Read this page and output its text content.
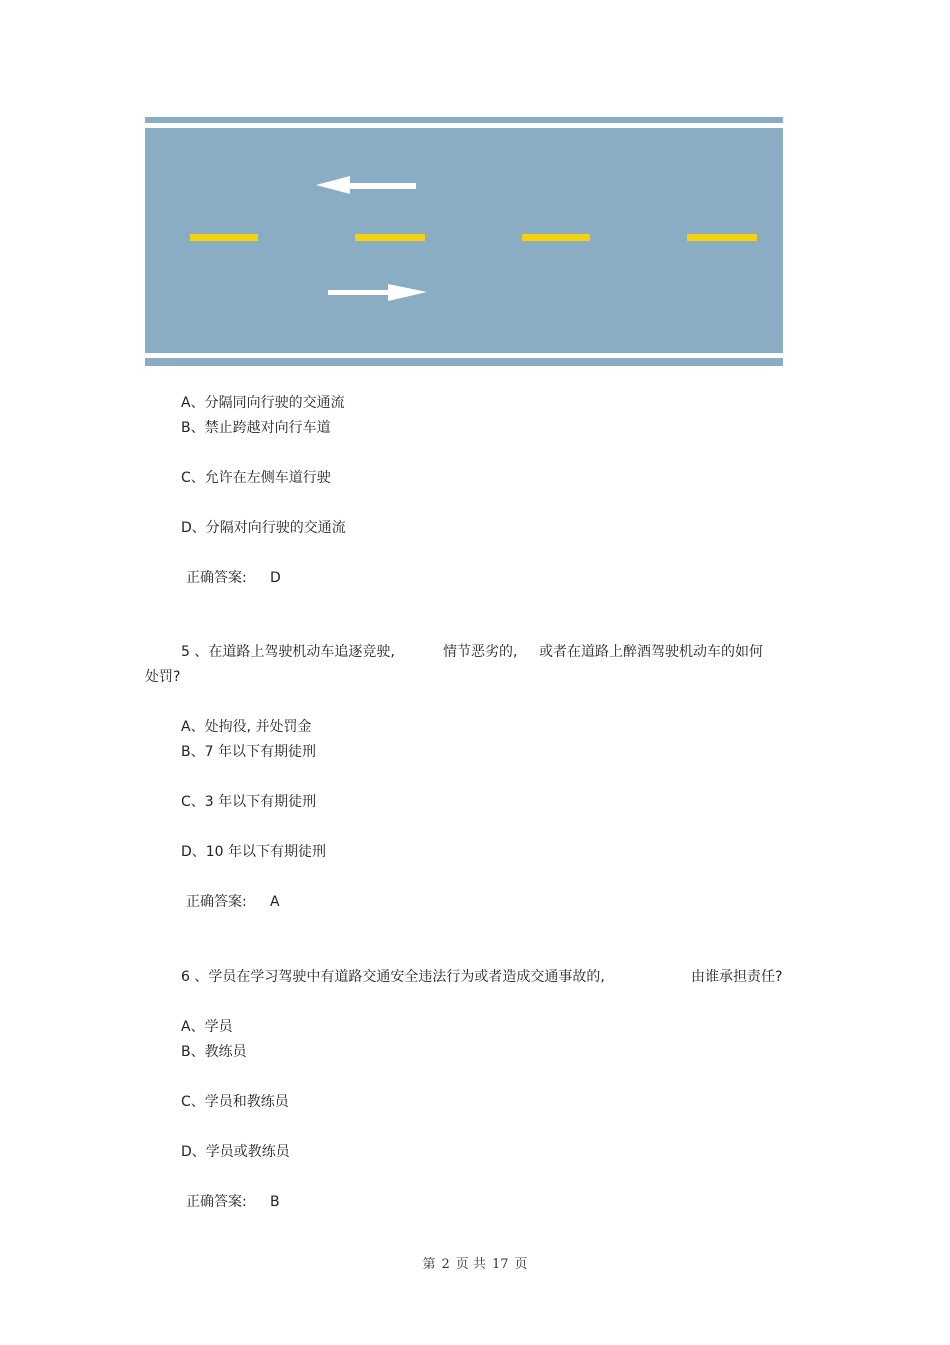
A、分隔同向行驶的交通流
B、禁止跨越对向行车道
C、允许在左侧车道行驶
D、分隔对向行驶的交通流
正确答案: D
5 、在道路上驾驶机动车追逐竞驶,	情节恶劣的, 或者在道路上醉酒驾驶机动车的如何
处罚?
A、处拘役, 并处罚金
B、7 年以下有期徒刑
C、3 年以下有期徒刑
D、10 年以下有期徒刑
正确答案: A
6 、学员在学习驾驶中有道路交通安全违法行为或者造成交通事故的,	由谁承担责任?
A、学员
B、教练员
C、学员和教练员
D、学员或教练员
正确答案: B
第 2 页 共 17 页
